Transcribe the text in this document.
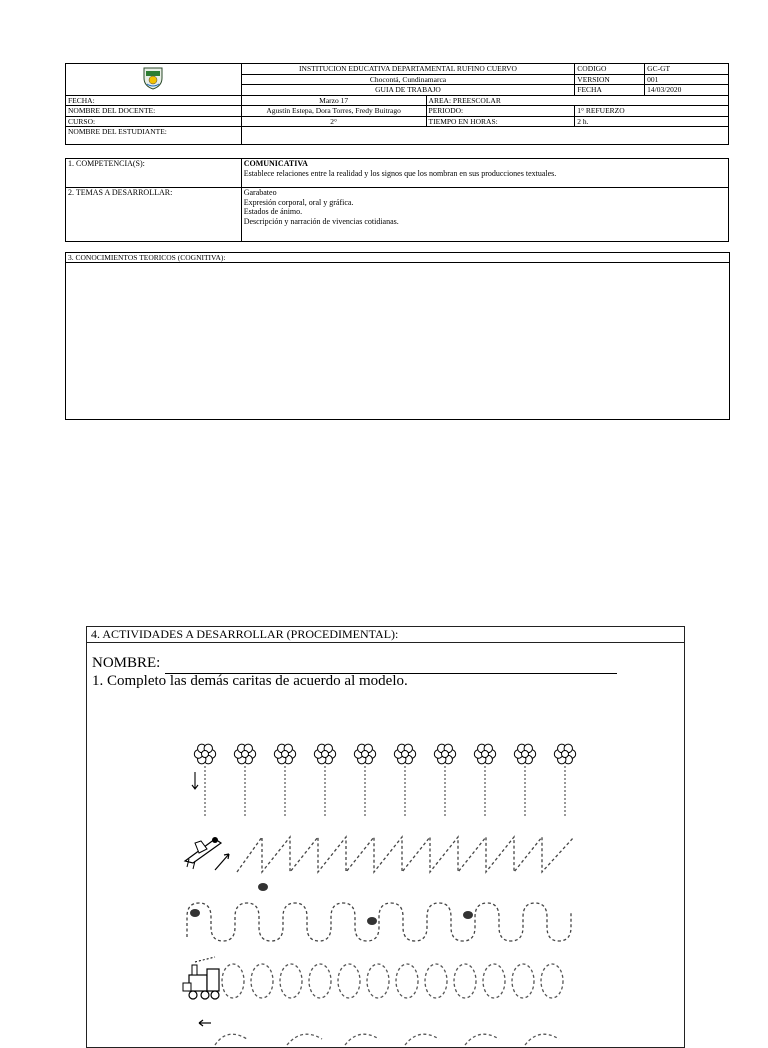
	INSTITUCION EDUCATIVA DEPARTAMENTAL RUFINO CUERVO		CODIGO	GC-GT
	Chocontá, Cundinamarca		VERSION	001
	GUIA DE TRABAJO		FECHA	14/03/2020
FECHA:	Marzo 17	AREA: PREESCOLAR		
NOMBRE DEL DOCENTE:	Agustín Estepa, Dora Torres, Fredy Buitrago	PERIODO:	1° REFUERZO	
CURSO:	2°	TIEMPO EN HORAS:	2 h.	
NOMBRE DEL ESTUDIANTE:				
1. COMPETENCIA(S):	COMUNICATIVA
Establece relaciones entre la realidad y los signos que los nombran en sus producciones textuales.

2. TEMAS A DESARROLLAR:	Garabateo
Expresión corporal, oral y gráfica.
Estados de ánimo.
Descripción y narración de vivencias cotidianas.
3. CONOCIMIENTOS TEORICOS (COGNITIVA):
4. ACTIVIDADES A DESARROLLAR (PROCEDIMENTAL):
NOMBRE:
1. Completo las demás caritas de acuerdo al modelo.
